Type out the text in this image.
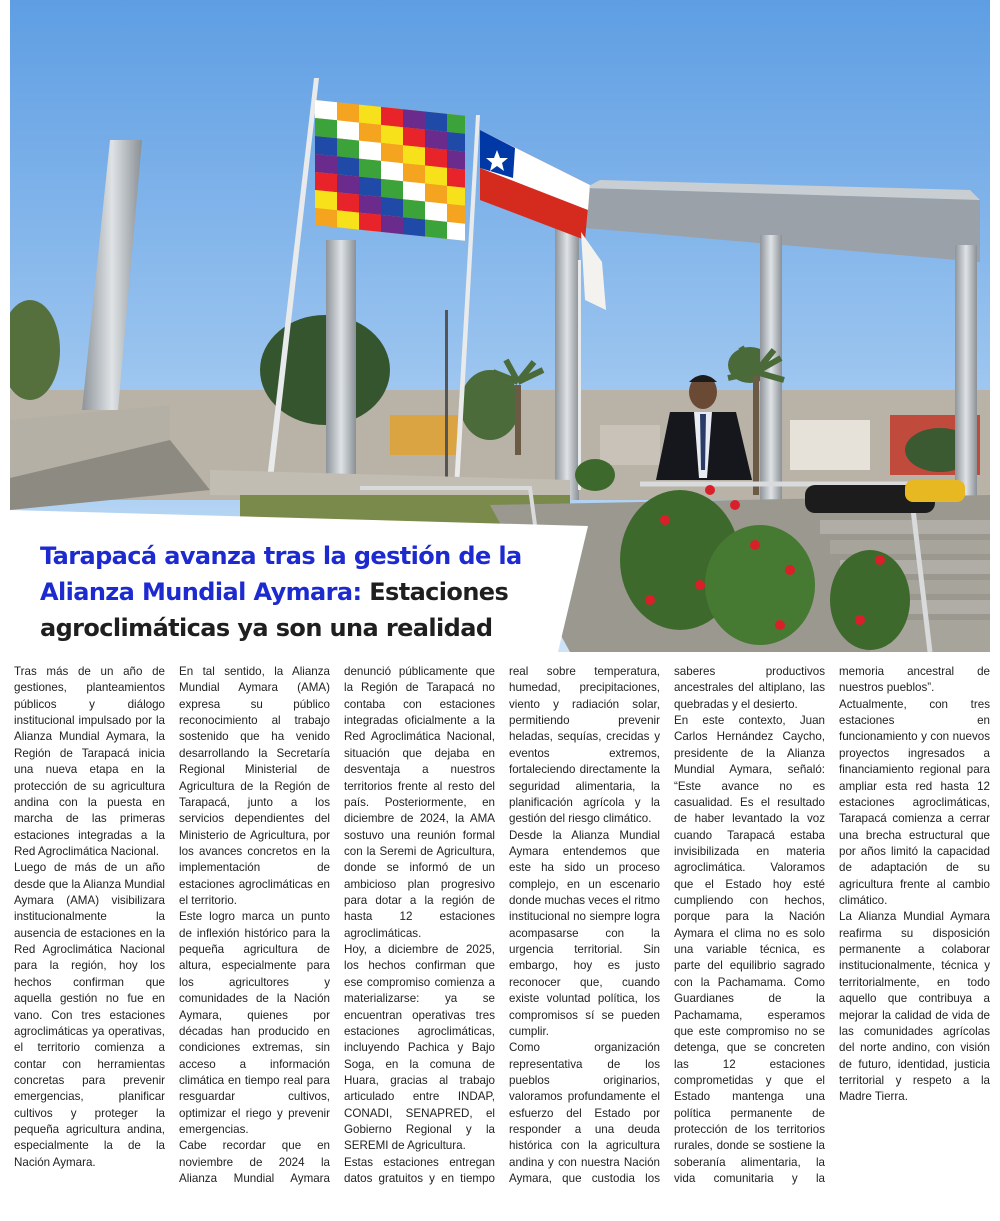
Tarapacá avanza tras la gestión de la Alianza Mundial Aymara: Estaciones agroclimáticas ya son una realidad

Tras más de un año de gestiones, planteamientos públicos y diálogo institucional impulsado por la Alianza Mundial Aymara, la Región de Tarapacá inicia una nueva etapa en la protección de su agricultura andina con la puesta en marcha de las primeras estaciones integradas a la Red Agroclimática Nacional.

Luego de más de un año desde que la Alianza Mundial Aymara (AMA) visibilizara institucionalmente la ausencia de estaciones en la Red Agroclimática Nacional para la región, hoy los hechos confirman que aquella gestión no fue en vano. Con tres estaciones agroclimáticas ya operativas, el territorio comienza a contar con herramientas concretas para prevenir emergencias, planificar cultivos y proteger la pequeña agricultura andina, especialmente la de la Nación Aymara.

En tal sentido, la Alianza Mundial Aymara (AMA) expresa su público reconocimiento al trabajo sostenido que ha venido desarrollando la Secretaría Regional Ministerial de Agricultura de la Región de Tarapacá, junto a los servicios dependientes del Ministerio de Agricultura, por los avances concretos en la implementación de estaciones agroclimáticas en el territorio.

Este logro marca un punto de inflexión histórico para la pequeña agricultura de altura, especialmente para los agricultores y comunidades de la Nación Aymara, quienes por décadas han producido en condiciones extremas, sin acceso a información climática en tiempo real para resguardar cultivos, optimizar el riego y prevenir emergencias.

Cabe recordar que en noviembre de 2024 la Alianza Mundial Aymara denunció públicamente que la Región de Tarapacá no contaba con estaciones integradas oficialmente a la Red Agroclimática Nacional, situación que dejaba en desventaja a nuestros territorios frente al resto del país. Posteriormente, en diciembre de 2024, la AMA sostuvo una reunión formal con la Seremi de Agricultura, donde se informó de un ambicioso plan progresivo para dotar a la región de hasta 12 estaciones agroclimáticas.

Hoy, a diciembre de 2025, los hechos confirman que ese compromiso comienza a materializarse: ya se encuentran operativas tres estaciones agroclimáticas, incluyendo Pachica y Bajo Soga, en la comuna de Huara, gracias al trabajo articulado entre INDAP, CONADI, SENAPRED, el Gobierno Regional y la SEREMI de Agricultura.

Estas estaciones entregan datos gratuitos y en tiempo real sobre temperatura, humedad, precipitaciones, viento y radiación solar, permitiendo prevenir heladas, sequías, crecidas y eventos extremos, fortaleciendo directamente la seguridad alimentaria, la planificación agrícola y la gestión del riesgo climático.

Desde la Alianza Mundial Aymara entendemos que este ha sido un proceso complejo, en un escenario donde muchas veces el ritmo institucional no siempre logra acompasarse con la urgencia territorial. Sin embargo, hoy es justo reconocer que, cuando existe voluntad política, los compromisos sí se pueden cumplir.

Como organización representativa de los pueblos originarios, valoramos profundamente el esfuerzo del Estado por responder a una deuda histórica con la agricultura andina y con nuestra Nación Aymara, que custodia los saberes productivos ancestrales del altiplano, las quebradas y el desierto.

En este contexto, Juan Carlos Hernández Caycho, presidente de la Alianza Mundial Aymara, señaló: “Este avance no es casualidad. Es el resultado de haber levantado la voz cuando Tarapacá estaba invisibilizada en materia agroclimática. Valoramos que el Estado hoy esté cumpliendo con hechos, porque para la Nación Aymara el clima no es solo una variable técnica, es parte del equilibrio sagrado con la Pachamama. Como Guardianes de la Pachamama, esperamos que este compromiso no se detenga, que se concreten las 12 estaciones comprometidas y que el Estado mantenga una política permanente de protección de los territorios rurales, donde se sostiene la soberanía alimentaria, la vida comunitaria y la memoria ancestral de nuestros pueblos”.

Actualmente, con tres estaciones en funcionamiento y con nuevos proyectos ingresados a financiamiento regional para ampliar esta red hasta 12 estaciones agroclimáticas, Tarapacá comienza a cerrar una brecha estructural que por años limitó la capacidad de adaptación de su agricultura frente al cambio climático.

La Alianza Mundial Aymara reafirma su disposición permanente a colaborar institucionalmente, técnica y territorialmente, en todo aquello que contribuya a mejorar la calidad de vida de las comunidades agrícolas del norte andino, con visión de futuro, identidad, justicia territorial y respeto a la Madre Tierra.
